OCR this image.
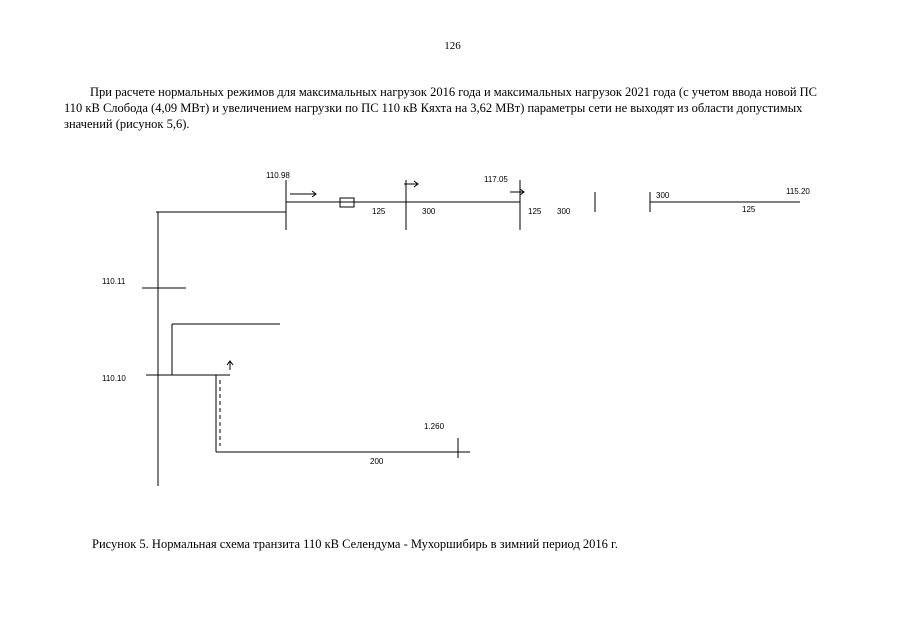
126

При расчете нормальных режимов для максимальных нагрузок 2016 года и максимальных нагрузок 2021 года (с учетом ввода новой ПС 110 кВ Слобода (4,09 МВт) и увеличением нагрузки по ПС 110 кВ Кяхта на 3,62 МВт) параметры сети не выходят из области допустимых значений (рисунок 5,6).

110.98	117.05
115.20
300	300
300
125	125	125
110.11
110.10
1.260
200
Рисунок 5. Нормальная схема транзита 110 кВ Селендума - Мухоршибирь в зимний период 2016 г.
